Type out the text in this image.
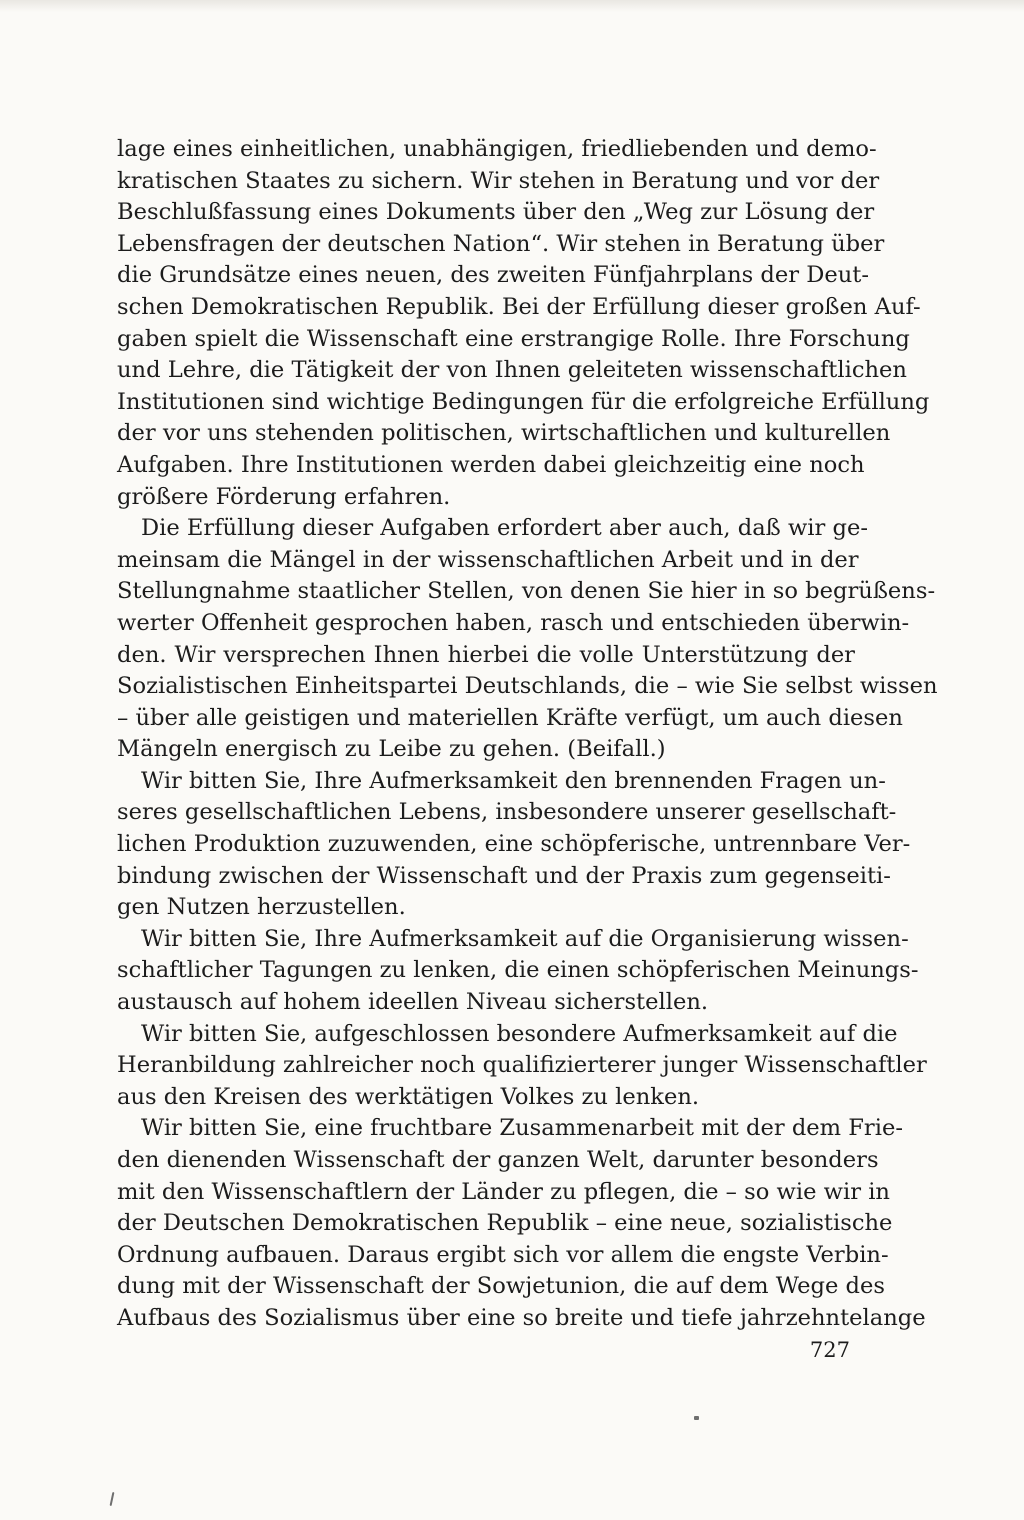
lage eines einheitlichen, unabhängigen, friedliebenden und demo-
kratischen Staates zu sichern. Wir stehen in Beratung und vor der
Beschlußfassung eines Dokuments über den „Weg zur Lösung der
Lebensfragen der deutschen Nation“. Wir stehen in Beratung über
die Grundsätze eines neuen, des zweiten Fünfjahrplans der Deut-
schen Demokratischen Republik. Bei der Erfüllung dieser großen Auf-
gaben spielt die Wissenschaft eine erstrangige Rolle. Ihre Forschung
und Lehre, die Tätigkeit der von Ihnen geleiteten wissenschaftlichen
Institutionen sind wichtige Bedingungen für die erfolgreiche Erfüllung
der vor uns stehenden politischen, wirtschaftlichen und kulturellen
Aufgaben. Ihre Institutionen werden dabei gleichzeitig eine noch
größere Förderung erfahren.
Die Erfüllung dieser Aufgaben erfordert aber auch, daß wir ge-
meinsam die Mängel in der wissenschaftlichen Arbeit und in der
Stellungnahme staatlicher Stellen, von denen Sie hier in so begrüßens-
werter Offenheit gesprochen haben, rasch und entschieden überwin-
den. Wir versprechen Ihnen hierbei die volle Unterstützung der
Sozialistischen Einheitspartei Deutschlands, die – wie Sie selbst wissen
– über alle geistigen und materiellen Kräfte verfügt, um auch diesen
Mängeln energisch zu Leibe zu gehen. (Beifall.)
Wir bitten Sie, Ihre Aufmerksamkeit den brennenden Fragen un-
seres gesellschaftlichen Lebens, insbesondere unserer gesellschaft-
lichen Produktion zuzuwenden, eine schöpferische, untrennbare Ver-
bindung zwischen der Wissenschaft und der Praxis zum gegenseiti-
gen Nutzen herzustellen.
Wir bitten Sie, Ihre Aufmerksamkeit auf die Organisierung wissen-
schaftlicher Tagungen zu lenken, die einen schöpferischen Meinungs-
austausch auf hohem ideellen Niveau sicherstellen.
Wir bitten Sie, aufgeschlossen besondere Aufmerksamkeit auf die
Heranbildung zahlreicher noch qualifizierterer junger Wissenschaftler
aus den Kreisen des werktätigen Volkes zu lenken.
Wir bitten Sie, eine fruchtbare Zusammenarbeit mit der dem Frie-
den dienenden Wissenschaft der ganzen Welt, darunter besonders
mit den Wissenschaftlern der Länder zu pflegen, die – so wie wir in
der Deutschen Demokratischen Republik – eine neue, sozialistische
Ordnung aufbauen. Daraus ergibt sich vor allem die engste Verbin-
dung mit der Wissenschaft der Sowjetunion, die auf dem Wege des
Aufbaus des Sozialismus über eine so breite und tiefe jahrzehntelange
727
